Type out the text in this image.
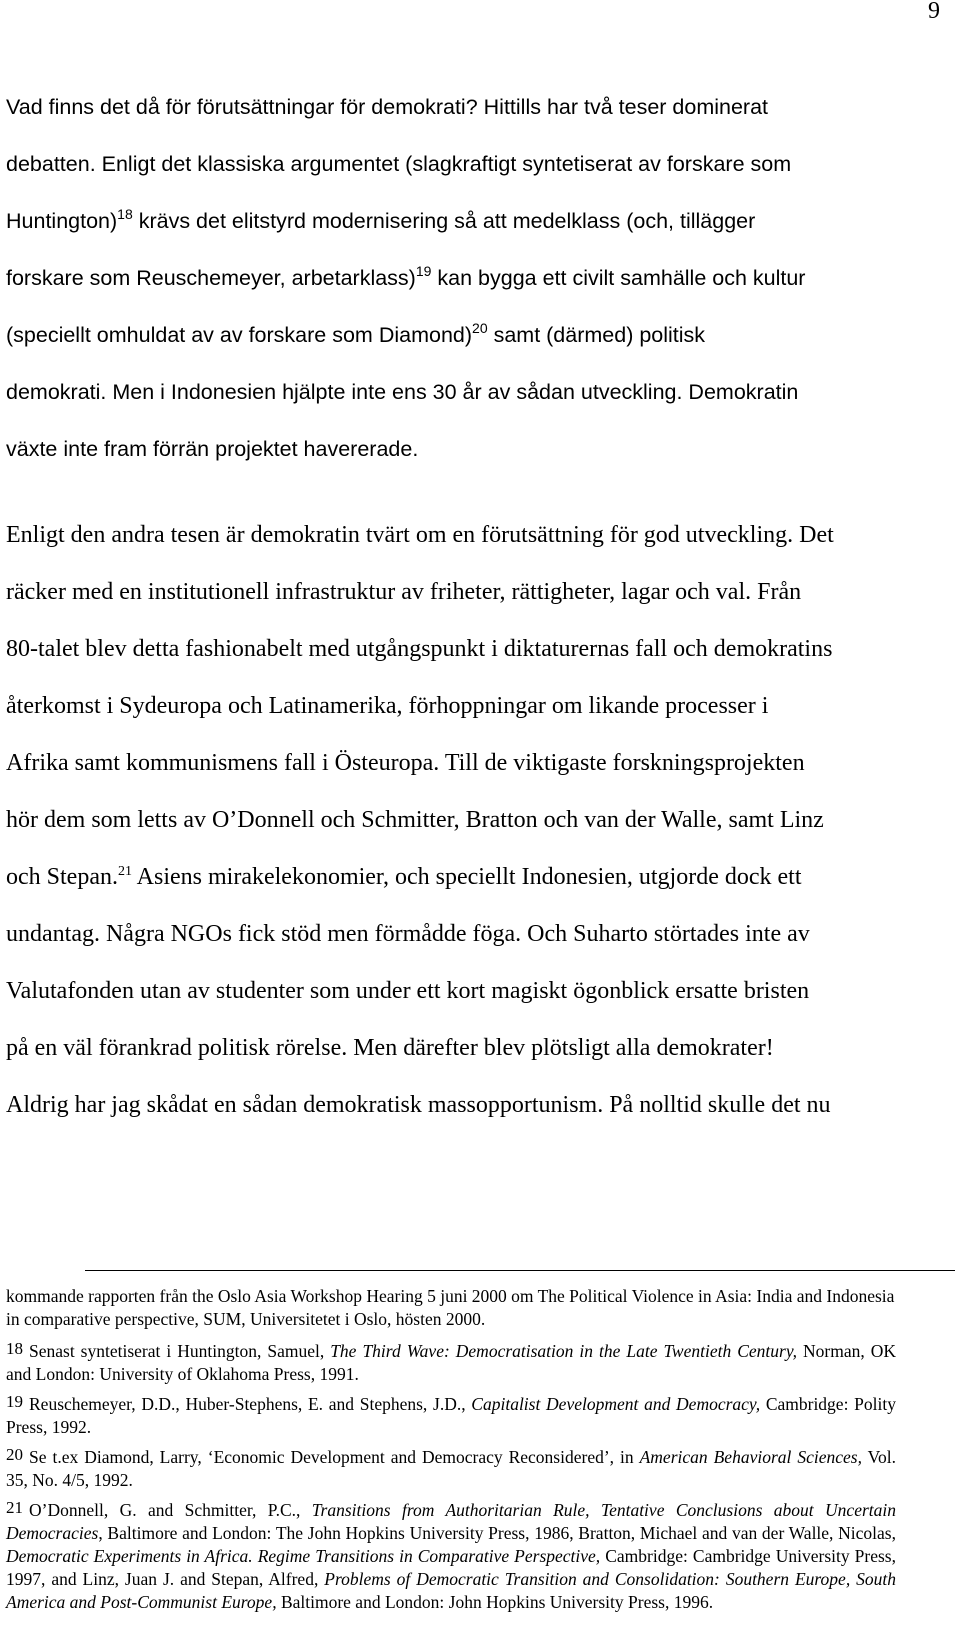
9
Vad finns det då för förutsättningar för demokrati? Hittills har två teser dominerat
debatten. Enligt det klassiska argumentet (slagkraftigt syntetiserat av forskare som
Huntington)$^{18}$ krävs det elitstyrd modernisering så att medelklass (och, tillägger
forskare som Reuschemeyer, arbetarklass)$^{19}$ kan bygga ett civilt samhälle och kultur
(speciellt omhuldat av av forskare som Diamond)$^{20}$ samt (därmed) politisk
demokrati. Men i Indonesien hjälpte inte ens 30 år av sådan utveckling. Demokratin
växte inte fram förrän projektet havererade.
Enligt den andra tesen är demokratin tvärt om en förutsättning för god utveckling. Det
räcker med en institutionell infrastruktur av friheter, rättigheter, lagar och val. Från
80-talet blev detta fashionabelt med utgångspunkt i diktaturernas fall och demokratins
återkomst i Sydeuropa och Latinamerika, förhoppningar om likande processer i
Afrika samt kommunismens fall i Östeuropa. Till de viktigaste forskningsprojekten
hör dem som letts av O’Donnell och Schmitter, Bratton och van der Walle, samt Linz
och Stepan.$^{21}$ Asiens mirakelekonomier, och speciellt Indonesien, utgjorde dock ett
undantag. Några NGOs fick stöd men förmådde föga. Och Suharto störtades inte av
Valutafonden utan av studenter som under ett kort magiskt ögonblick ersatte bristen
på en väl förankrad politisk rörelse. Men därefter blev plötsligt alla demokrater!
Aldrig har jag skådat en sådan demokratisk massopportunism. På nolltid skulle det nu
kommande rapporten från the Oslo Asia Workshop Hearing 5 juni 2000 om The Political Violence in Asia: India and Indonesia in comparative perspective, SUM, Universitetet i Oslo, hösten 2000.
18 Senast syntetiserat i Huntington, Samuel, The Third Wave: Democratisation in the Late Twentieth Century, Norman, OK and London: University of Oklahoma Press, 1991.
19 Reuschemeyer, D.D., Huber-Stephens, E. and Stephens, J.D., Capitalist Development and Democracy, Cambridge: Polity Press, 1992.
20 Se t.ex Diamond, Larry, ‘Economic Development and Democracy Reconsidered’, in American Behavioral Sciences, Vol. 35, No. 4/5, 1992.
21 O’Donnell, G. and Schmitter, P.C., Transitions from Authoritarian Rule, Tentative Conclusions about Uncertain Democracies, Baltimore and London: The John Hopkins University Press, 1986, Bratton, Michael and van der Walle, Nicolas, Democratic Experiments in Africa. Regime Transitions in Comparative Perspective, Cambridge: Cambridge University Press, 1997, and Linz, Juan J. and Stepan, Alfred, Problems of Democratic Transition and Consolidation: Southern Europe, South America and Post-Communist Europe, Baltimore and London: John Hopkins University Press, 1996.
